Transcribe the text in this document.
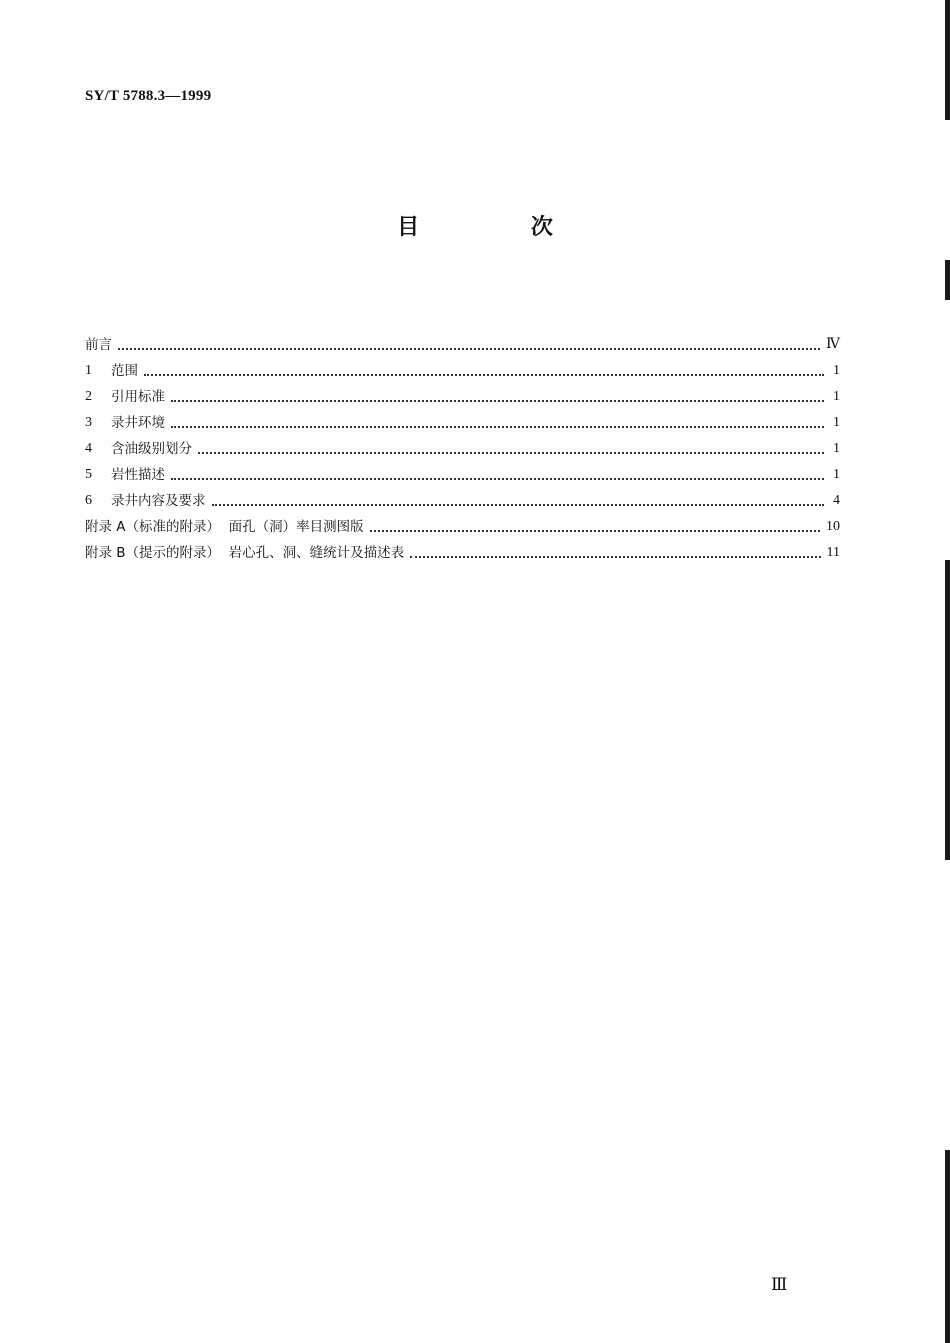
SY/T 5788.3—1999
目 次
前言	Ⅳ
1	范围	1
2	引用标准	1
3	录井环境	1
4	含油级别划分	1
5	岩性描述	1
6	录井内容及要求	4
附录 A（标准的附录）  面孔（洞）率目测图版	10
附录 B（提示的附录）  岩心孔、洞、缝统计及描述表	11
Ⅲ
